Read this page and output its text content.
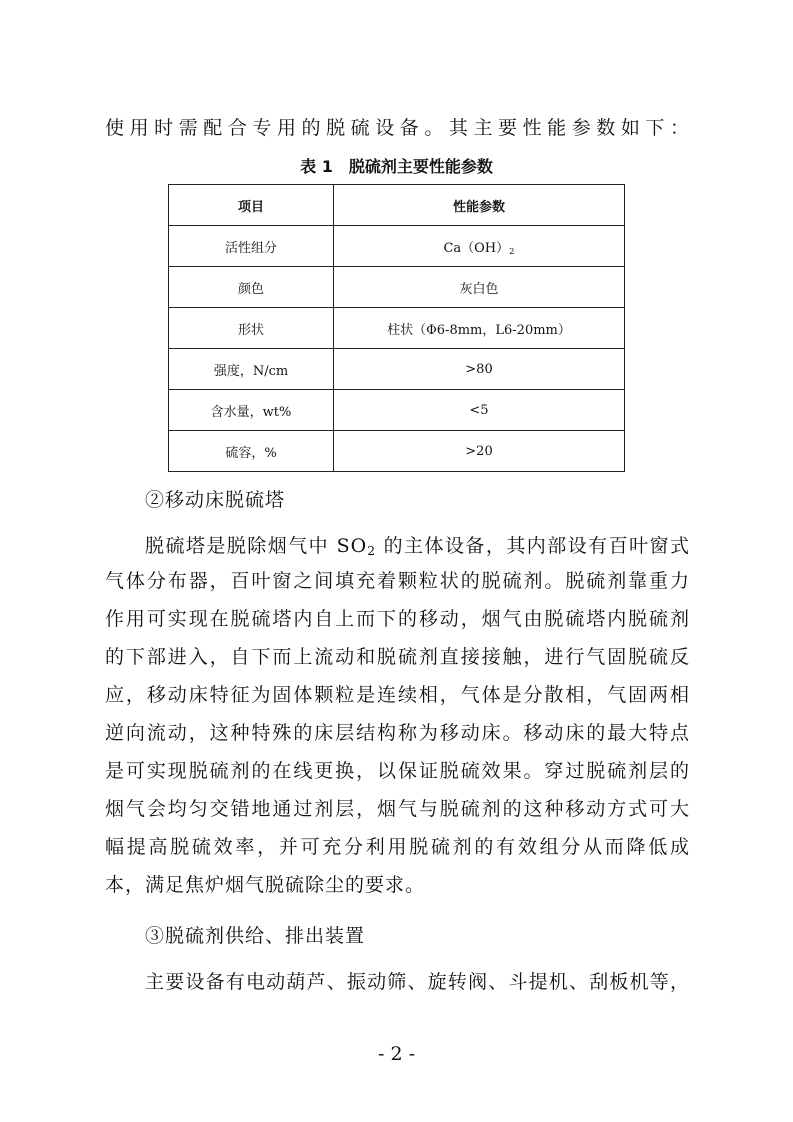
使用时需配合专用的脱硫设备。其主要性能参数如下：
表 1　脱硫剂主要性能参数
项目	性能参数
活性组分	$Ca(OH)_2$
颜色	灰白色
形状	柱状（Φ6-8mm，L6-20mm）
强度，N/cm	>80
含水量，wt%	<5
硫容，%	>20
②移动床脱硫塔
脱硫塔是脱除烟气中 $SO_2$ 的主体设备，其内部设有百叶窗式
气体分布器，百叶窗之间填充着颗粒状的脱硫剂。脱硫剂靠重力
作用可实现在脱硫塔内自上而下的移动，烟气由脱硫塔内脱硫剂
的下部进入，自下而上流动和脱硫剂直接接触，进行气固脱硫反
应，移动床特征为固体颗粒是连续相，气体是分散相，气固两相
逆向流动，这种特殊的床层结构称为移动床。移动床的最大特点
是可实现脱硫剂的在线更换，以保证脱硫效果。穿过脱硫剂层的
烟气会均匀交错地通过剂层，烟气与脱硫剂的这种移动方式可大
幅提高脱硫效率，并可充分利用脱硫剂的有效组分从而降低成
本，满足焦炉烟气脱硫除尘的要求。
③脱硫剂供给、排出装置
主要设备有电动葫芦、振动筛、旋转阀、斗提机、刮板机等，
- 2 -
